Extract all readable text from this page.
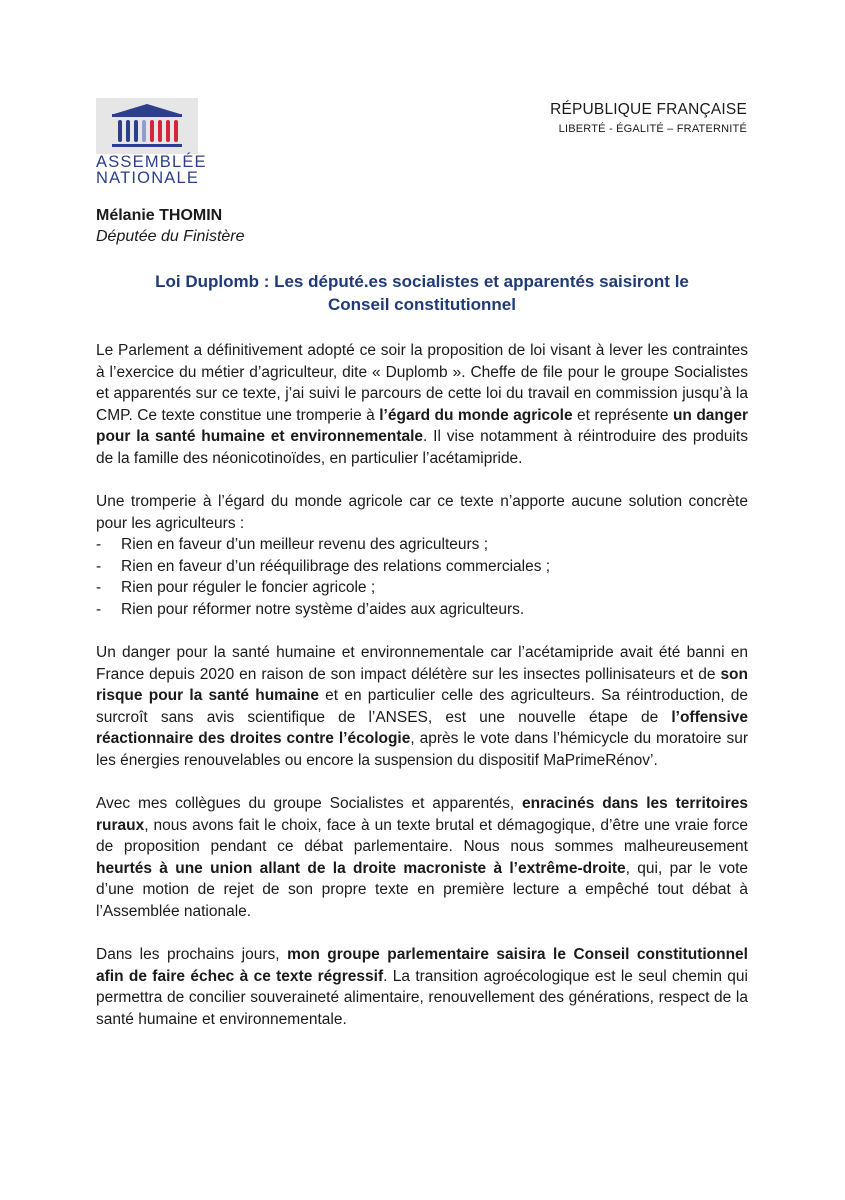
ASSEMBLÉE
NATIONALE
RÉPUBLIQUE FRANÇAISE
LIBERTÉ - ÉGALITÉ – FRATERNITÉ
Mélanie THOMIN
Députée du Finistère
Loi Duplomb : Les député.es socialistes et apparentés saisiront le
Conseil constitutionnel

Le Parlement a définitivement adopté ce soir la proposition de loi visant à lever les contraintes à l’exercice du métier d’agriculteur, dite « Duplomb ». Cheffe de file pour le groupe Socialistes et apparentés sur ce texte, j’ai suivi le parcours de cette loi du travail en commission jusqu’à la CMP. Ce texte constitue une tromperie à l’égard du monde agricole et représente un danger pour la santé humaine et environnementale. Il vise notamment à réintroduire des produits de la famille des néonicotinoïdes, en particulier l’acétamipride.

Une tromperie à l’égard du monde agricole car ce texte n’apporte aucune solution concrète pour les agriculteurs :

- Rien en faveur d’un meilleur revenu des agriculteurs ;
- Rien en faveur d’un rééquilibrage des relations commerciales ;
- Rien pour réguler le foncier agricole ;
- Rien pour réformer notre système d’aides aux agriculteurs.

Un danger pour la santé humaine et environnementale car l’acétamipride avait été banni en France depuis 2020 en raison de son impact délétère sur les insectes pollinisateurs et de son risque pour la santé humaine et en particulier celle des agriculteurs. Sa réintroduction, de surcroît sans avis scientifique de l’ANSES, est une nouvelle étape de l’offensive réactionnaire des droites contre l’écologie, après le vote dans l’hémicycle du moratoire sur les énergies renouvelables ou encore la suspension du dispositif MaPrimeRénov’.

Avec mes collègues du groupe Socialistes et apparentés, enracinés dans les territoires ruraux, nous avons fait le choix, face à un texte brutal et démagogique, d’être une vraie force de proposition pendant ce débat parlementaire. Nous nous sommes malheureusement heurtés à une union allant de la droite macroniste à l’extrême-droite, qui, par le vote d’une motion de rejet de son propre texte en première lecture a empêché tout débat à l’Assemblée nationale.

Dans les prochains jours, mon groupe parlementaire saisira le Conseil constitutionnel afin de faire échec à ce texte régressif. La transition agroécologique est le seul chemin qui permettra de concilier souveraineté alimentaire, renouvellement des générations, respect de la santé humaine et environnementale.
